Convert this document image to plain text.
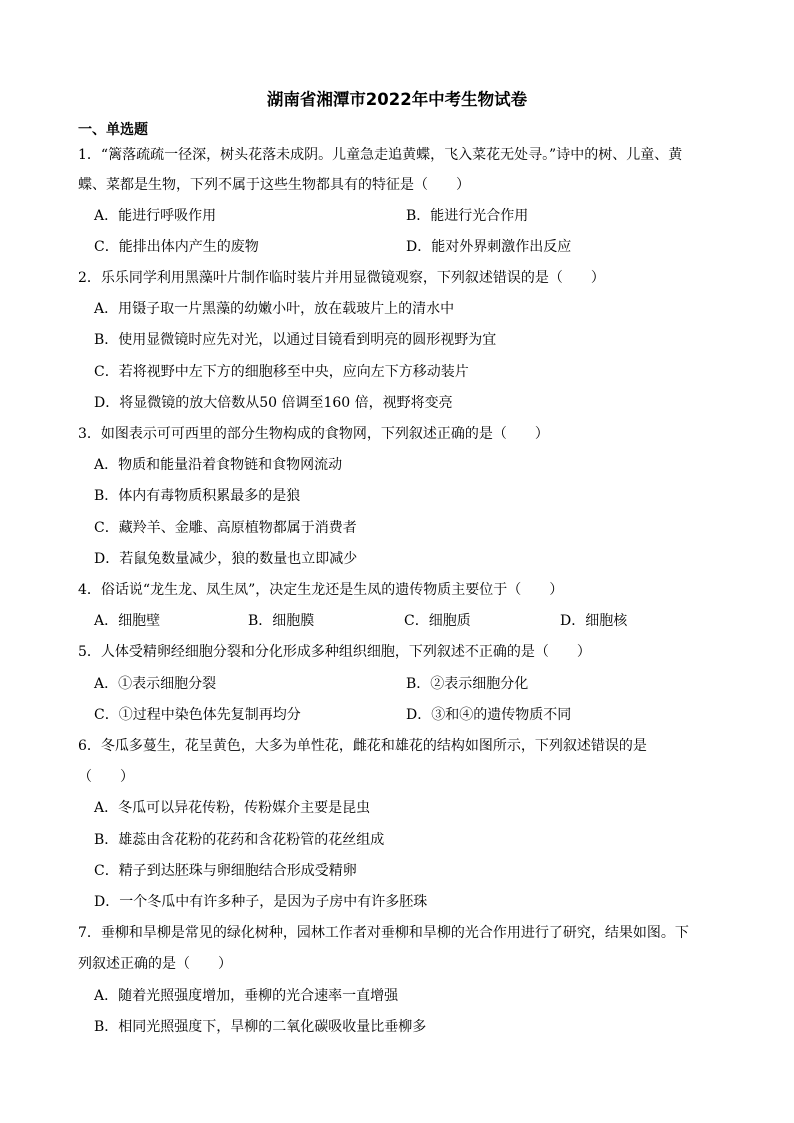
湖南省湘潭市2022年中考生物试卷
一、单选题
1．“篱落疏疏一径深，树头花落未成阴。儿童急走追黄蝶，飞入菜花无处寻。”诗中的树、儿童、黄
蝶、菜都是生物，下列不属于这些生物都具有的特征是（　　）
A．能进行呼吸作用	B．能进行光合作用
C．能排出体内产生的废物	D．能对外界刺激作出反应
2．乐乐同学利用黑藻叶片制作临时装片并用显微镜观察，下列叙述错误的是（　　）
A．用镊子取一片黑藻的幼嫩小叶，放在载玻片上的清水中
B．使用显微镜时应先对光，以通过目镜看到明亮的圆形视野为宜
C．若将视野中左下方的细胞移至中央，应向左下方移动装片
D．将显微镜的放大倍数从50 倍调至160 倍，视野将变亮
3．如图表示可可西里的部分生物构成的食物网，下列叙述正确的是（　　）
A．物质和能量沿着食物链和食物网流动
B．体内有毒物质积累最多的是狼
C．藏羚羊、金雕、高原植物都属于消费者
D．若鼠兔数量减少，狼的数量也立即减少
4．俗话说“龙生龙、凤生凤”，决定生龙还是生凤的遗传物质主要位于（　　）
A．细胞壁	B．细胞膜	C．细胞质	D．细胞核
5．人体受精卵经细胞分裂和分化形成多种组织细胞，下列叙述不正确的是（　　）
A．①表示细胞分裂	B．②表示细胞分化
C．①过程中染色体先复制再均分	D．③和④的遗传物质不同
6．冬瓜多蔓生，花呈黄色，大多为单性花，雌花和雄花的结构如图所示，下列叙述错误的是
（　　）
A．冬瓜可以异花传粉，传粉媒介主要是昆虫
B．雄蕊由含花粉的花药和含花粉管的花丝组成
C．精子到达胚珠与卵细胞结合形成受精卵
D．一个冬瓜中有许多种子，是因为子房中有许多胚珠
7．垂柳和旱柳是常见的绿化树种，园林工作者对垂柳和旱柳的光合作用进行了研究，结果如图。下
列叙述正确的是（　　）
A．随着光照强度增加，垂柳的光合速率一直增强
B．相同光照强度下，旱柳的二氧化碳吸收量比垂柳多
